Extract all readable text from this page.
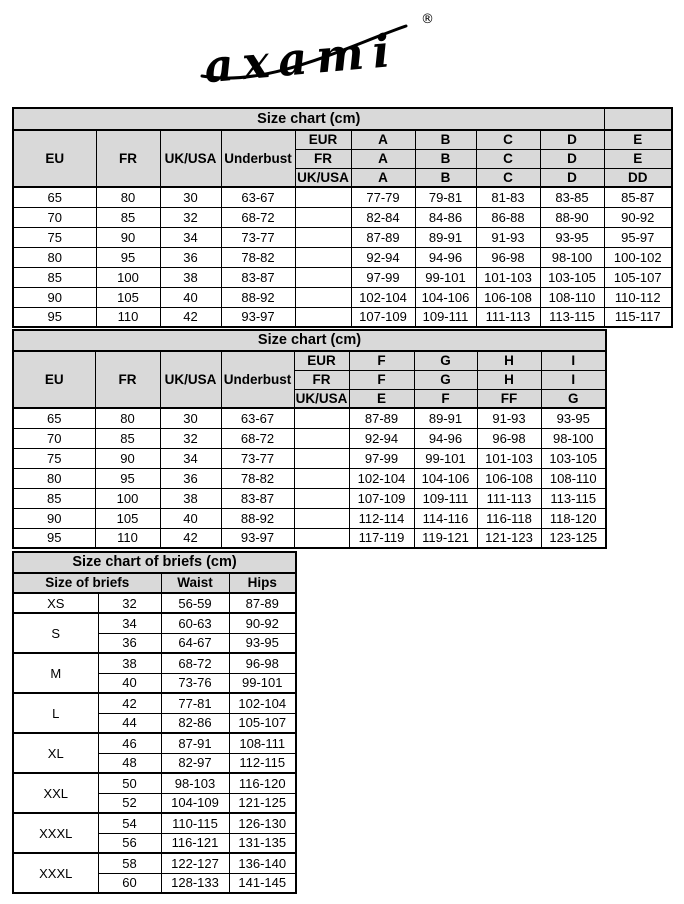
axami
®
Size chart (cm)									
EU	FR	UK/USA	Underbust	EUR	A	B	C	D	E
				FR	A	B	C	D	E
				UK/USA	A	B	C	D	DD
65	80	30	63-67		77-79	79-81	81-83	83-85	85-87
70	85	32	68-72		82-84	84-86	86-88	88-90	90-92
75	90	34	73-77		87-89	89-91	91-93	93-95	95-97
80	95	36	78-82		92-94	94-96	96-98	98-100	100-102
85	100	38	83-87		97-99	99-101	101-103	103-105	105-107
90	105	40	88-92		102-104	104-106	106-108	108-110	110-112
95	110	42	93-97		107-109	109-111	111-113	113-115	115-117
Size chart (cm)								
EU	FR	UK/USA	Underbust	EUR	F	G	H	I
				FR	F	G	H	I
				UK/USA	E	F	FF	G
65	80	30	63-67		87-89	89-91	91-93	93-95
70	85	32	68-72		92-94	94-96	96-98	98-100
75	90	34	73-77		97-99	99-101	101-103	103-105
80	95	36	78-82		102-104	104-106	106-108	108-110
85	100	38	83-87		107-109	109-111	111-113	113-115
90	105	40	88-92		112-114	114-116	116-118	118-120
95	110	42	93-97		117-119	119-121	121-123	123-125
Size chart of briefs (cm)			
Size of briefs		Waist	Hips
XS	32	56-59	87-89
S	34	60-63	90-92
	36	64-67	93-95
M	38	68-72	96-98
	40	73-76	99-101
L	42	77-81	102-104
	44	82-86	105-107
XL	46	87-91	108-111
	48	82-97	112-115
XXL	50	98-103	116-120
	52	104-109	121-125
XXXL	54	110-115	126-130
	56	116-121	131-135
XXXL	58	122-127	136-140
	60	128-133	141-145
